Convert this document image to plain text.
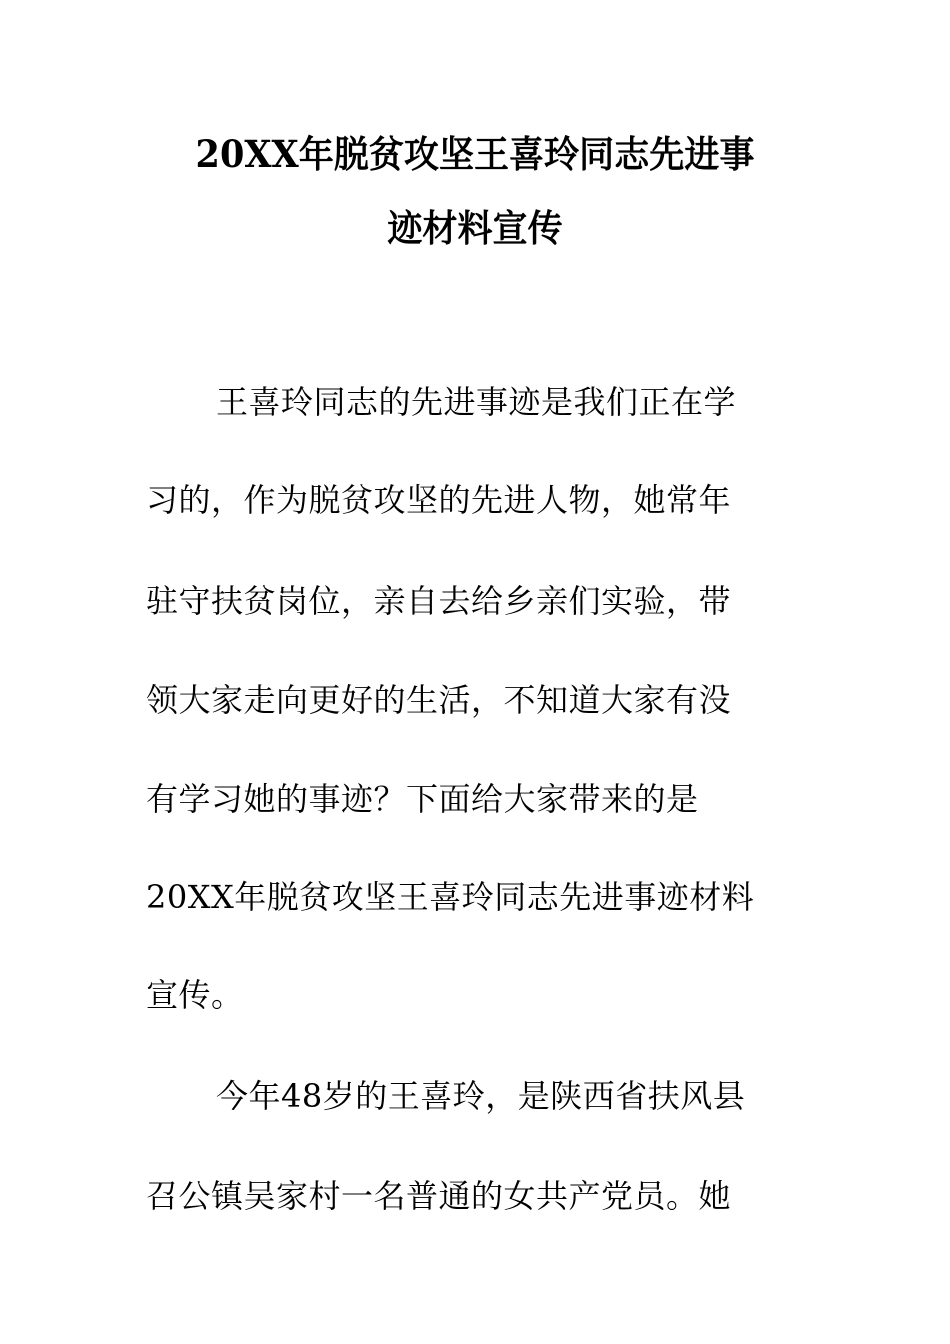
20XX年脱贫攻坚王喜玲同志先进事
迹材料宣传
王喜玲同志的先进事迹是我们正在学
习的，作为脱贫攻坚的先进人物，她常年
驻守扶贫岗位，亲自去给乡亲们实验，带
领大家走向更好的生活，不知道大家有没
有学习她的事迹？下面给大家带来的是
20XX年脱贫攻坚王喜玲同志先进事迹材料
宣传。
今年48岁的王喜玲，是陕西省扶风县
召公镇吴家村一名普通的女共产党员。她
